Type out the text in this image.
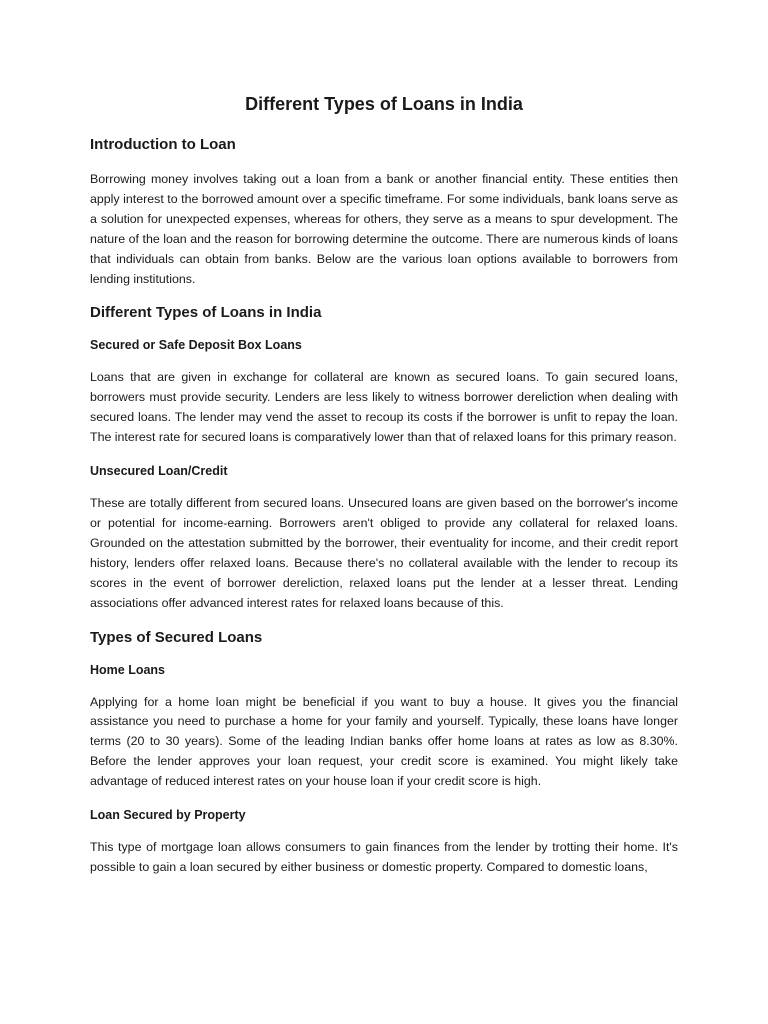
Different Types of Loans in India
Introduction to Loan
Borrowing money involves taking out a loan from a bank or another financial entity. These entities then apply interest to the borrowed amount over a specific timeframe. For some individuals, bank loans serve as a solution for unexpected expenses, whereas for others, they serve as a means to spur development. The nature of the loan and the reason for borrowing determine the outcome. There are numerous kinds of loans that individuals can obtain from banks. Below are the various loan options available to borrowers from lending institutions.
Different Types of Loans in India
Secured or Safe Deposit Box Loans
Loans that are given in exchange for collateral are known as secured loans. To gain secured loans, borrowers must provide security. Lenders are less likely to witness borrower dereliction when dealing with secured loans. The lender may vend the asset to recoup its costs if the borrower is unfit to repay the loan. The interest rate for secured loans is comparatively lower than that of relaxed loans for this primary reason.
Unsecured Loan/Credit
These are totally different from secured loans. Unsecured loans are given based on the borrower's income or potential for income-earning. Borrowers aren't obliged to provide any collateral for relaxed loans. Grounded on the attestation submitted by the borrower, their eventuality for income, and their credit report history, lenders offer relaxed loans. Because there's no collateral available with the lender to recoup its scores in the event of borrower dereliction, relaxed loans put the lender at a lesser threat. Lending associations offer advanced interest rates for relaxed loans because of this.
Types of Secured Loans
Home Loans
Applying for a home loan might be beneficial if you want to buy a house. It gives you the financial assistance you need to purchase a home for your family and yourself. Typically, these loans have longer terms (20 to 30 years). Some of the leading Indian banks offer home loans at rates as low as 8.30%. Before the lender approves your loan request, your credit score is examined. You might likely take advantage of reduced interest rates on your house loan if your credit score is high.
Loan Secured by Property
This type of mortgage loan allows consumers to gain finances from the lender by trotting their home. It's possible to gain a loan secured by either business or domestic property. Compared to domestic loans,
